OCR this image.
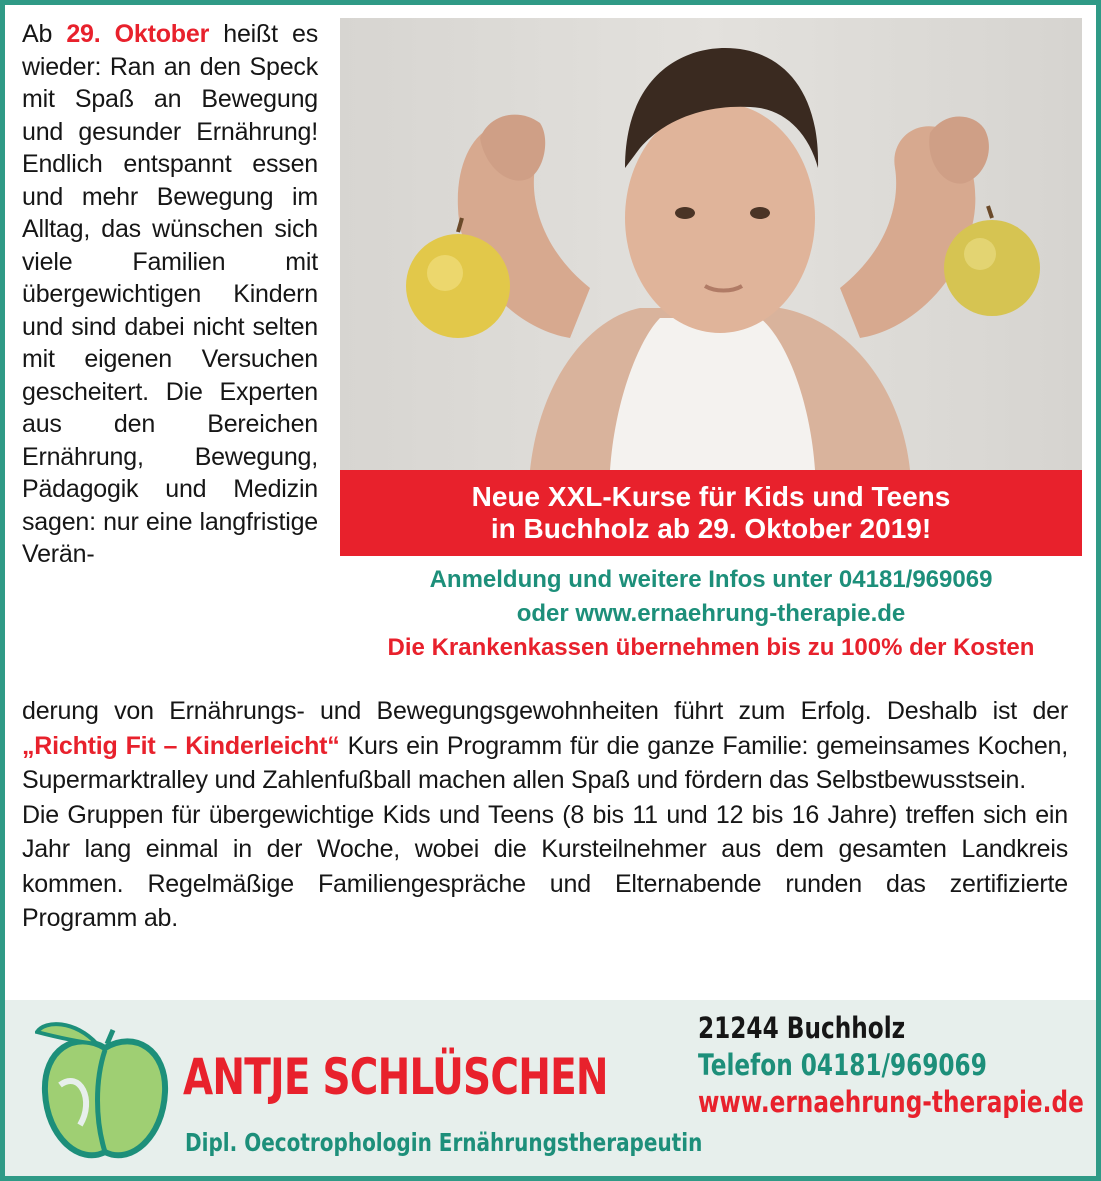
Ab 29. Oktober heißt es wieder: Ran an den Speck mit Spaß an Bewegung und gesunder Ernährung! Endlich entspannt essen und mehr Bewegung im Alltag, das wünschen sich viele Familien mit übergewichtigen Kindern und sind dabei nicht selten mit eigenen Versuchen gescheitert. Die Experten aus den Bereichen Ernährung, Bewegung, Pädagogik und Medizin sagen: nur eine langfristige Verän-
Neue XXL-Kurse für Kids und Teens
in Buchholz ab 29. Oktober 2019!
Anmeldung und weitere Infos unter 04181/969069
oder www.ernaehrung-therapie.de
Die Krankenkassen übernehmen bis zu 100% der Kosten
derung von Ernährungs- und Bewegungsgewohnheiten führt zum Erfolg. Deshalb ist der „Richtig Fit – Kinderleicht“ Kurs ein Programm für die ganze Familie: gemeinsames Kochen, Supermarktralley und Zahlenfußball machen allen Spaß und fördern das Selbstbewusstsein.
Die Gruppen für übergewichtige Kids und Teens (8 bis 11 und 12 bis 16 Jahre) treffen sich ein Jahr lang einmal in der Woche, wobei die Kursteilnehmer aus dem gesamten Landkreis kommen. Regelmäßige Familiengespräche und Elternabende runden das zertifizierte Programm ab.
ANTJE SCHLÜSCHEN
Dipl. Oecotrophologin Ernährungstherapeutin
21244 Buchholz
Telefon 04181/969069
www.ernaehrung-therapie.de
